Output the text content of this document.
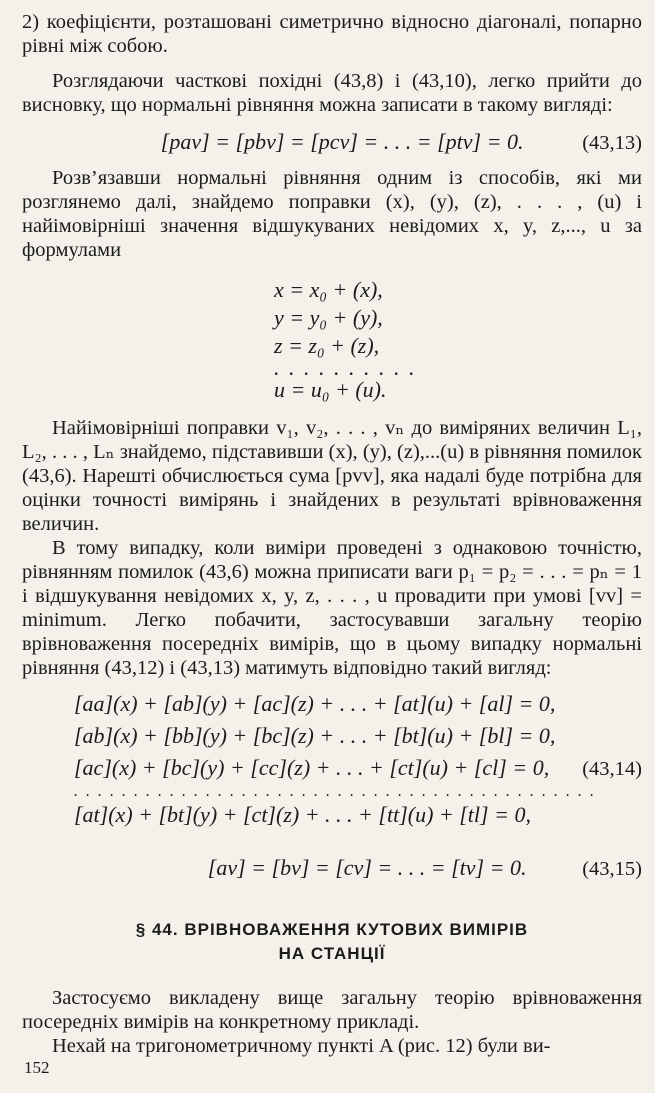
2) коефіцієнти, розташовані симетрично відносно діагоналі, попарно рівні між собою.

Розглядаючи часткові похідні (43,8) і (43,10), легко прийти до висновку, що нормальні рівняння можна записати в такому вигляді:

[pav] = [pbv] = [pcv] = . . . = [ptv] = 0.	(43,13)

Розв’язавши нормальні рівняння одним із способів, які ми розглянемо далі, знайдемо поправки (x), (y), (z), . . . , (u) і найімовірніші значення відшукуваних невідомих x, y, z,..., u за формулами

x = x₀ + (x),
y = y₀ + (y),
z = z₀ + (z),
. . . . . . . . . .
u = u₀ + (u).

Найімовірніші поправки v₁, v₂, . . . , vₙ до виміряних величин L₁, L₂, . . . , Lₙ знайдемо, підставивши (x), (y), (z),...(u) в рівняння помилок (43,6). Нарешті обчислюється сума [pvv], яка надалі буде потрібна для оцінки точності вимірянь і знайдених в результаті врівноваження величин.

В тому випадку, коли виміри проведені з однаковою точністю, рівнянням помилок (43,6) можна приписати ваги p₁ = p₂ = . . . = pₙ = 1 і відшукування невідомих x, y, z, . . . , u провадити при умові [vv] = minimum. Легко побачити, застосувавши загальну теорію врівноваження посередніх вимірів, що в цьому випадку нормальні рівняння (43,12) і (43,13) матимуть відповідно такий вигляд:

[aa](x) + [ab](y) + [ac](z) + . . . + [at](u) + [al] = 0,
[ab](x) + [bb](y) + [bc](z) + . . . + [bt](u) + [bl] = 0,
[ac](x) + [bc](y) + [cc](z) + . . . + [ct](u) + [cl] = 0, (43,14)
. . . . . . . . . . . . . . . . . . . . . . . . . . . . . . . . . . . . . . . . . . . .
[at](x) + [bt](y) + [ct](z) + . . . + [tt](u) + [tl] = 0,
[av] = [bv] = [cv] = . . . = [tv] = 0.	(43,15)
§ 44. ВРІВНОВАЖЕННЯ КУТОВИХ ВИМІРІВ
НА СТАНЦІЇ

Застосуємо викладену вище загальну теорію врівноваження посередніх вимірів на конкретному прикладі.

Нехай на тригонометричному пункті A (рис. 12) були ви-

152
